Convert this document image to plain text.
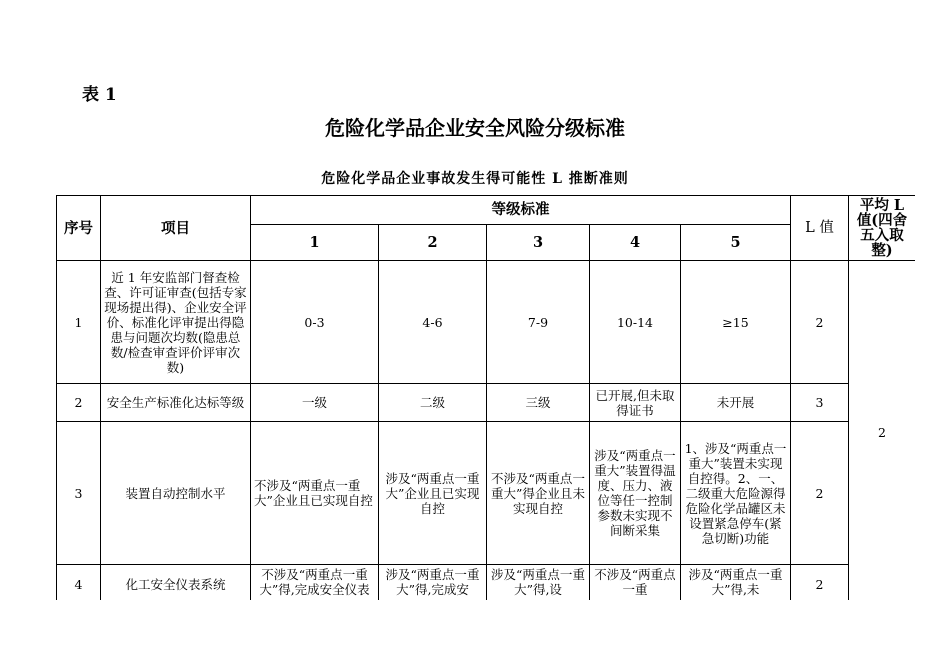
表 1
危险化学品企业安全风险分级标准
危险化学品企业事故发生得可能性 L 推断准则
序号	项目	等级标准					L 值	平均 L 值(四舍五入取整)
		1	2	3	4	5		
1	近 1 年安监部门督查检查、许可证审查(包括专家现场提出得)、企业安全评价、标准化评审提出得隐患与问题次均数(隐患总数/检查审查评价评审次数)	0-3	4-6	7-9	10-14	≥15	2	2
2	安全生产标准化达标等级	一级	二级	三级	已开展,但未取得证书	未开展	3	
3	装置自动控制水平	不涉及“两重点一重大”企业且已实现自控	涉及“两重点一重大”企业且已实现自控	不涉及“两重点一重大”得企业且未实现自控	涉及“两重点一重大”装置得温度、压力、液位等任一控制参数未实现不间断采集	1、涉及“两重点一重大”装置未实现自控得。2、一、二级重大危险源得危险化学品罐区未设置紧急停车(紧急切断)功能	2	
4	化工安全仪表系统	不涉及“两重点一重大”得,完成安全仪表	涉及“两重点一重大”得,完成安	涉及“两重点一重大”得,设	不涉及“两重点一重	涉及“两重点一重大”得,未	2	
